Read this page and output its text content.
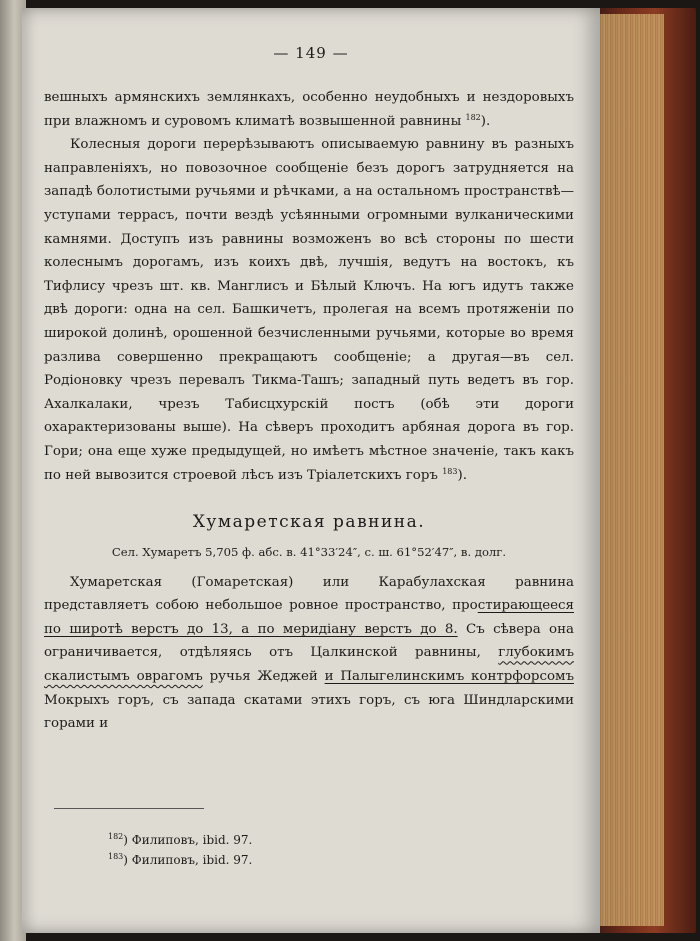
— 149 —

вешныхъ армянскихъ землянкахъ, особенно неудобныхъ и нездоровыхъ при влажномъ и суровомъ климатѣ возвышенной равнины $^{182}$).

Колесныя дороги перерѣзываютъ описываемую равнину въ разныхъ направленіяхъ, но повозочное сообщеніе безъ дорогъ затрудняется на западѣ болотистыми ручьями и рѣчками, а на остальномъ пространствѣ—уступами террасъ, почти вездѣ усѣянными огромными вулканическими камнями. Доступъ изъ равнины возможенъ во всѣ стороны по шести колеснымъ дорогамъ, изъ коихъ двѣ, лучшія, ведутъ на востокъ, къ Тифлису чрезъ шт. кв. Манглисъ и Бѣлый Ключъ. На югъ идутъ также двѣ дороги: одна на сел. Башкичетъ, пролегая на всемъ протяженіи по широкой долинѣ, орошенной безчисленными ручьями, которые во время разлива совершенно прекращаютъ сообщеніе; а другая—въ сел. Родіоновку чрезъ перевалъ Тикма-Ташъ; западный путь ведетъ въ гор. Ахалкалаки, чрезъ Табисцхурскій постъ (обѣ эти дороги охарактеризованы выше). На сѣверъ проходитъ арбяная дорога въ гор. Гори; она еще хуже предыдущей, но имѣетъ мѣстное значеніе, такъ какъ по ней вывозится строевой лѣсъ изъ Тріалетскихъ горъ $^{183}$).

Хумаретская равнина.
Сел. Хумаретъ 5,705 ф. абс. в. 41°33′24″, с. ш. 61°52′47″, в. долг.

Хумаретская (Гомаретская) или Карабулахская равнина представляетъ собою небольшое ровное пространство, простирающееся по широтѣ верстъ до 13, а по меридіану верстъ до 8. Съ сѣвера она ограничивается, отдѣляясь отъ Цалкинской равнины, глубокимъ скалистымъ оврагомъ ручья Жеджей и Палыгелинскимъ контрфорсомъ Мокрыхъ горъ, съ запада скатами этихъ горъ, съ юга Шиндларскими горами и

$^{182}$) Филиповъ, ibid. 97.
$^{183}$) Филиповъ, ibid. 97.
